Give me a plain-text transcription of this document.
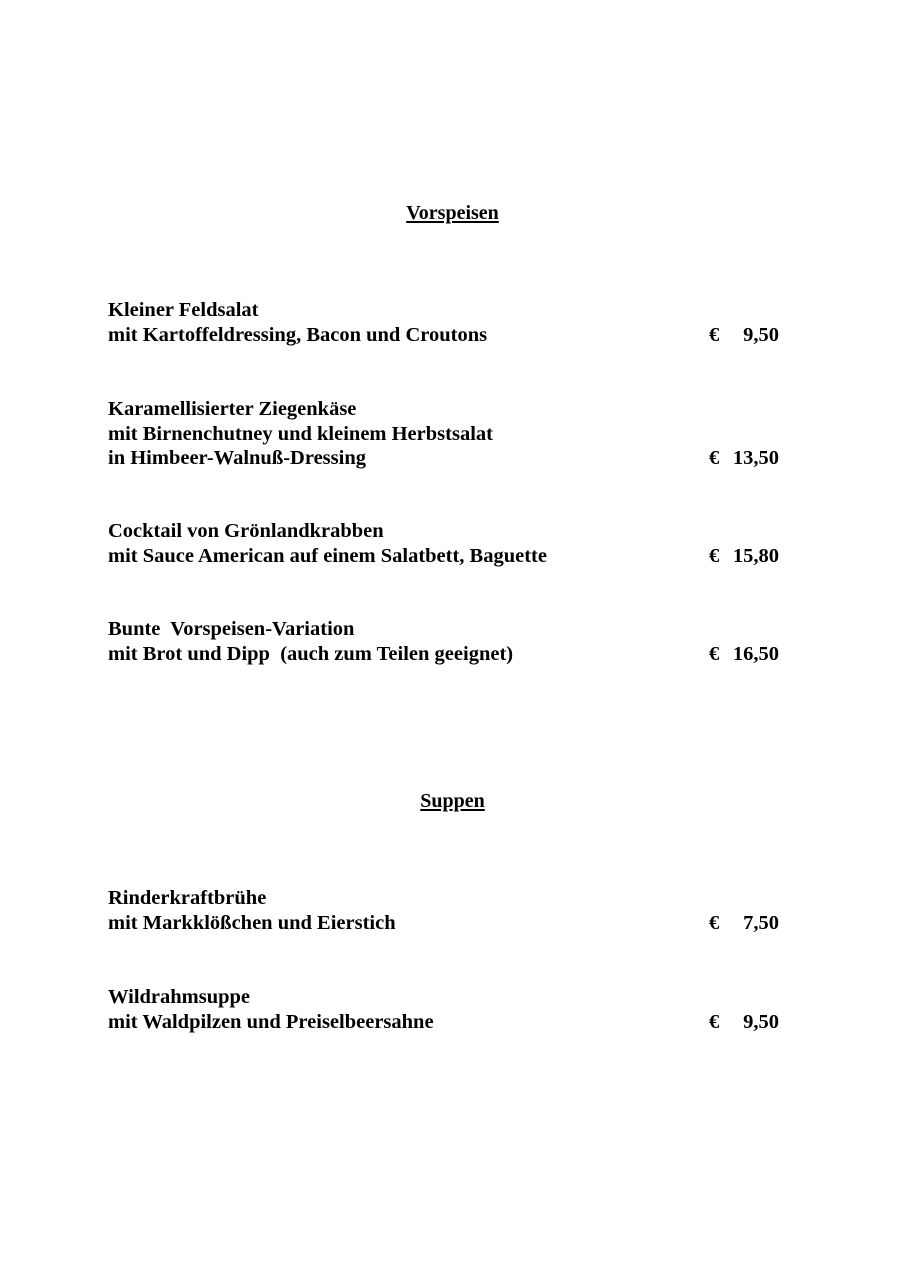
Vorspeisen
Kleiner Feldsalat
mit Kartoffeldressing, Bacon und Croutons	€ 9,50
Karamellisierter Ziegenkäse
mit Birnenchutney und kleinem Herbstsalat
in Himbeer-Walnuß-Dressing	€ 13,50
Cocktail von Grönlandkrabben
mit Sauce American auf einem Salatbett, Baguette	€ 15,80
Bunte  Vorspeisen-Variation
mit Brot und Dipp  (auch zum Teilen geeignet)	€ 16,50
Suppen
Rinderkraftbrühe
mit Markklößchen und Eierstich	€ 7,50
Wildrahmsuppe
mit Waldpilzen und Preiselbeersahne	€ 9,50
